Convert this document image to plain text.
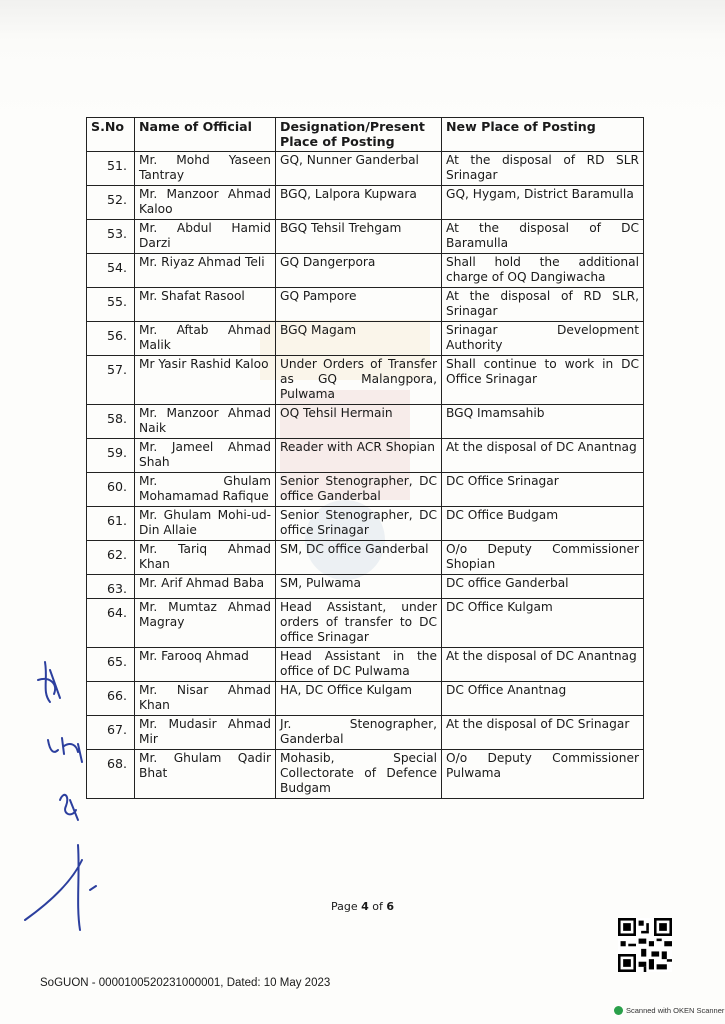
S.No	Name of Official	Designation/Present Place of Posting	New Place of Posting
51.	Mr. Mohd Yaseen Tantray	GQ, Nunner Ganderbal	At the disposal of RD SLR Srinagar
52.	Mr. Manzoor Ahmad Kaloo	BGQ, Lalpora Kupwara	GQ, Hygam, District Baramulla
53.	Mr. Abdul Hamid Darzi	BGQ Tehsil Trehgam	At the disposal of DC Baramulla
54.	Mr. Riyaz Ahmad Teli	GQ Dangerpora	Shall hold the additional charge of OQ Dangiwacha
55.	Mr. Shafat Rasool	GQ Pampore	At the disposal of RD SLR, Srinagar
56.	Mr. Aftab Ahmad Malik	BGQ Magam	Srinagar Development Authority
57.	Mr Yasir Rashid Kaloo	Under Orders of Transfer as GQ Malangpora, Pulwama	Shall continue to work in DC Office Srinagar
58.	Mr. Manzoor Ahmad Naik	OQ Tehsil Hermain	BGQ Imamsahib
59.	Mr. Jameel Ahmad Shah	Reader with ACR Shopian	At the disposal of DC Anantnag
60.	Mr. Ghulam Mohamamad Rafique	Senior Stenographer, DC office Ganderbal	DC Office Srinagar
61.	Mr. Ghulam Mohi-ud-Din Allaie	Senior Stenographer, DC office Srinagar	DC Office Budgam
62.	Mr. Tariq Ahmad Khan	SM, DC office Ganderbal	O/o Deputy Commissioner Shopian
63.	Mr. Arif Ahmad Baba	SM, Pulwama	DC office Ganderbal
64.	Mr. Mumtaz Ahmad Magray	Head Assistant, under orders of transfer to DC office Srinagar	DC Office Kulgam
65.	Mr. Farooq Ahmad	Head Assistant in the office of DC Pulwama	At the disposal of DC Anantnag
66.	Mr. Nisar Ahmad Khan	HA, DC Office Kulgam	DC Office Anantnag
67.	Mr. Mudasir Ahmad Mir	Jr. Stenographer, Ganderbal	At the disposal of DC Srinagar
68.	Mr. Ghulam Qadir Bhat	Mohasib, Special Collectorate of Defence Budgam	O/o Deputy Commissioner Pulwama
Page 4 of 6
SoGUON - 0000100520231000001, Dated: 10 May 2023
Scanned with OKEN Scanner
